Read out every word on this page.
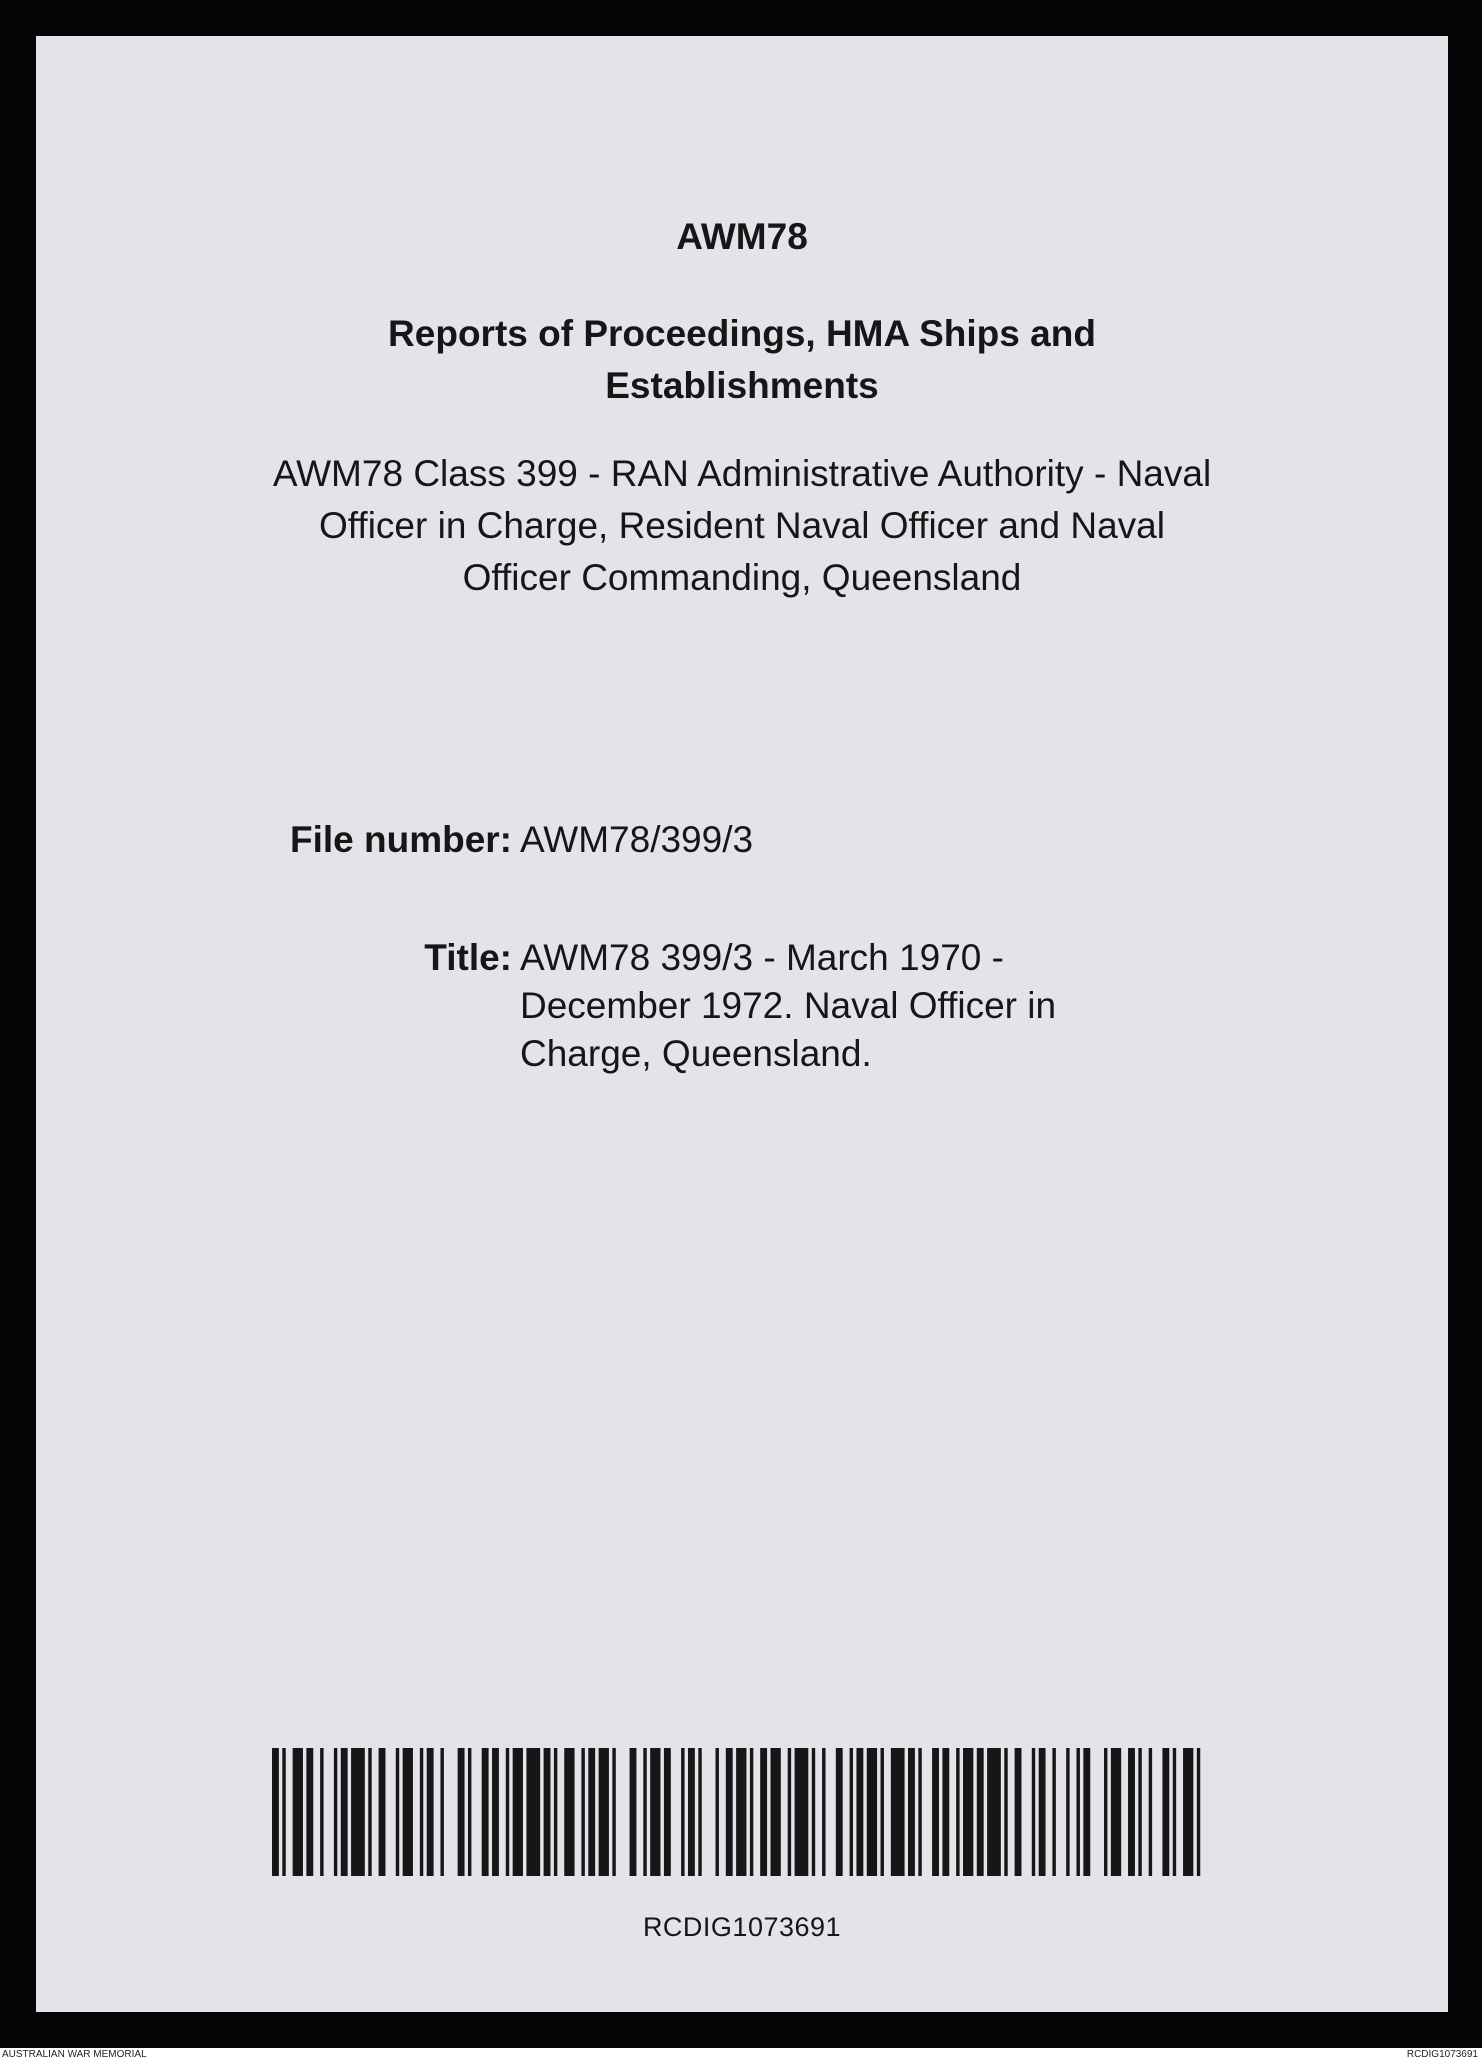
AWM78
Reports of Proceedings, HMA Ships and
Establishments
AWM78 Class 399 - RAN Administrative Authority - Naval
Officer in Charge, Resident Naval Officer and Naval
Officer Commanding, Queensland
File number: AWM78/399/3
Title: AWM78 399/3 - March 1970 -
December 1972. Naval Officer in
Charge, Queensland.
RCDIG1073691
AUSTRALIAN WAR MEMORIAL	RCDIG1073691
